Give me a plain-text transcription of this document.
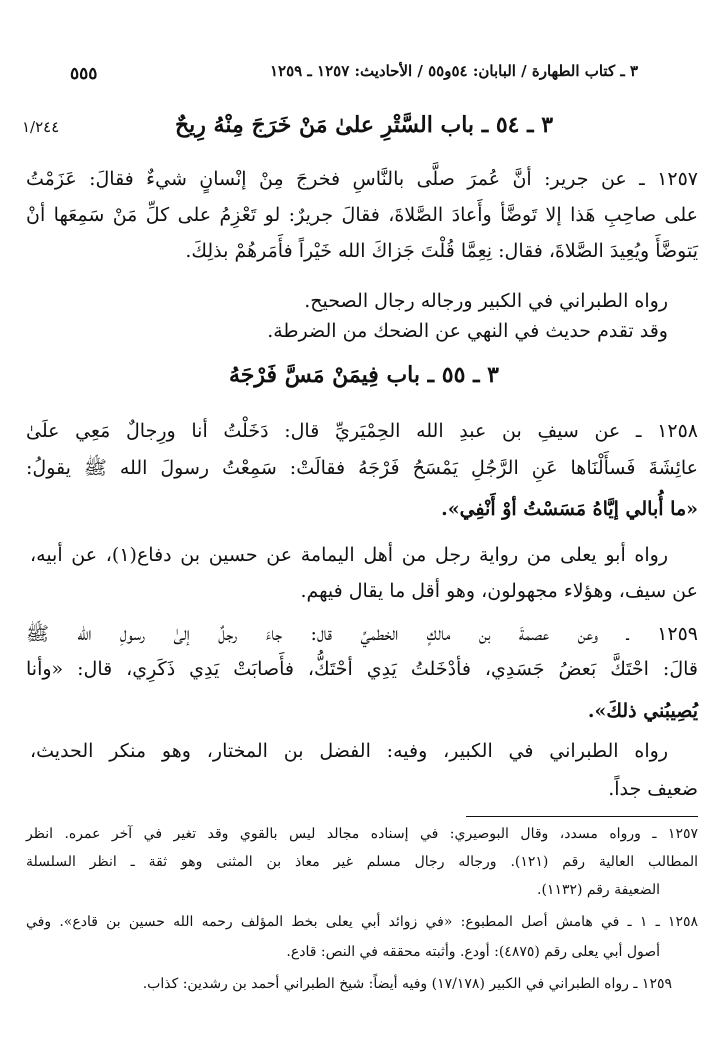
٣ ـ كتاب الطهارة / البابان: ٥٤و٥٥ / الأحاديث: ١٢٥٧ ـ ١٢٥٩
٥٥٥
١/٢٤٤	٣ ـ ٥٤ ـ باب السَّتْرِ علىٰ مَنْ خَرَجَ مِنْهُ رِيحٌ
١٢٥٧ ـ عن جرير: أنَّ عُمرَ صلَّى بالنَّاسِ فخرجَ مِنْ إنْسانٍ شيءٌ فقالَ: عَزَمْتُ
على صاحِبِ هَذا إلا تَوضَّأ وأَعادَ الصَّلاةَ، فقالَ جريرٌ: لو تَعْزِمُ على كلِّ مَنْ سَمِعَها أنْ
يَتوضَّأَ ويُعِيدَ الصَّلاةَ، فقال: نِعِمَّا قُلْتَ جَزاكَ الله خَيْراً فأَمَرهُمْ بذلِكَ.
رواه الطبراني في الكبير ورجاله رجال الصحيح.
وقد تقدم حديث في النهي عن الضحك من الضرطة.
٣ ـ ٥٥ ـ باب فِيمَنْ مَسَّ فَرْجَهُ
١٢٥٨ ـ عن سيفِ بن عبدِ الله الحِمْيَريِّ قال: دَخَلْتُ أنا ورِجالٌ مَعِي علَىٰ
عائِشَةَ فَسأَلْنَاها عَنِ الرَّجُلِ يَمْسَحُ فَرْجَهُ فقالَتْ: سَمِعْتُ رسولَ الله ﷺ يقولُ:
«ما أُبالي إيَّاهُ مَسَسْتُ أوْ أَنْفِي».
رواه أبو يعلى من رواية رجل من أهل اليمامة عن حسين بن دفاع(١)، عن أبيه،
عن سيف، وهؤلاء مجهولون، وهو أقل ما يقال فيهم.
١٢٥٩ ـ وعن عصمةَ بن مالكٍ الخطميِّ قال: جاءَ رجلٌ إلىٰ رسولِ الله ﷺ
قالَ: احْتَكَّ بَعضُ جَسَدِي، فأدْخَلتُ يَدِي أحْتَكُّ، فأَصابَتْ يَدِي ذَكَرِي، قال: «وأنا
يُصِيبُني ذلكَ».
رواه الطبراني في الكبير، وفيه: الفضل بن المختار، وهو منكر الحديث،
ضعيف جداً.
١٢٥٧ ـ ورواه مسدد، وقال البوصيري: في إسناده مجالد ليس بالقوي وقد تغير في آخر عمره. انظر
المطالب العالية رقم (١٢١). ورجاله رجال مسلم غير معاذ بن المثنى وهو ثقة ـ انظر السلسلة
الضعيفة رقم (١١٣٢).
١٢٥٨ ـ ١ ـ في هامش أصل المطبوع: «في زوائد أبي يعلى بخط المؤلف رحمه الله حسين بن قادع». وفي
أصول أبي يعلى رقم (٤٨٧٥): أودع. وأثبته محققه في النص: قادع.
١٢٥٩ ـ رواه الطبراني في الكبير (١٧/١٧٨) وفيه أيضاً: شيخ الطبراني أحمد بن رشدين: كذاب.
